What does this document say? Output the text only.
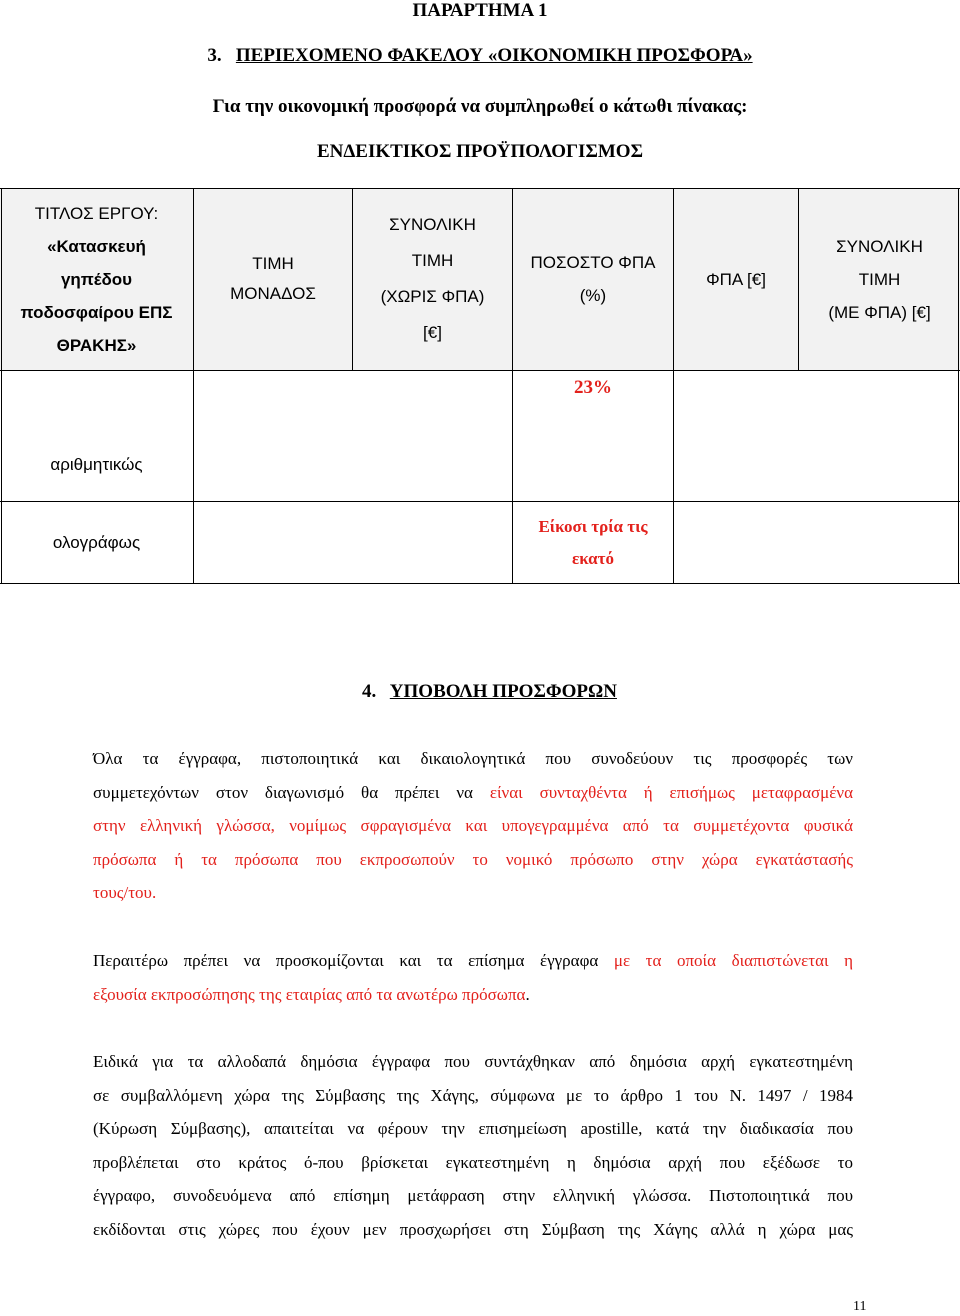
ΠΑΡΑΡΤΗΜΑ 1
3. ΠΕΡΙΕΧΟΜΕΝΟ ΦΑΚΕΛΟΥ «ΟΙΚΟΝΟΜΙΚΗ ΠΡΟΣΦΟΡΑ»
Για την οικονομική προσφορά να συμπληρωθεί ο κάτωθι πίνακας:
ΕΝΔΕΙΚΤΙΚΟΣ ΠΡΟΫΠΟΛΟΓΙΣΜΟΣ
ΤΙΤΛΟΣ ΕΡΓΟΥ:
«Κατασκευή
γηπέδου
ποδοσφαίρου ΕΠΣ
ΘΡΑΚΗΣ»
ΤΙΜΗ
ΜΟΝΑΔΟΣ
ΣΥΝΟΛΙΚΗ
ΤΙΜΗ
(ΧΩΡΙΣ ΦΠΑ)
[€]
ΠΟΣΟΣΤΟ ΦΠΑ
(%)
ΦΠΑ [€]
ΣΥΝΟΛΙΚΗ
ΤΙΜΗ
(ΜΕ ΦΠΑ) [€]
αριθμητικώς
23%
ολογράφως
Είκοσι τρία τις
εκατό
4. ΥΠΟΒΟΛΗ ΠΡΟΣΦΟΡΩΝ
Όλα τα έγγραφα, πιστοποιητικά και δικαιολογητικά που συνοδεύουν τις προσφορές των
συμμετεχόντων στον διαγωνισμό θα πρέπει να είναι συνταχθέντα ή επισήμως μεταφρασμένα
στην ελληνική γλώσσα, νομίμως σφραγισμένα και υπογεγραμμένα από τα συμμετέχοντα φυσικά
πρόσωπα ή τα πρόσωπα που εκπροσωπούν το νομικό πρόσωπο στην χώρα εγκατάστασής
τους/του.
Περαιτέρω πρέπει να προσκομίζονται και τα επίσημα έγγραφα με τα οποία διαπιστώνεται η
εξουσία εκπροσώπησης της εταιρίας από τα ανωτέρω πρόσωπα.
Ειδικά για τα αλλοδαπά δημόσια έγγραφα που συντάχθηκαν από δημόσια αρχή εγκατεστημένη
σε συμβαλλόμενη χώρα της Σύμβασης της Χάγης, σύμφωνα με το άρθρο 1 του Ν. 1497 / 1984
(Κύρωση Σύμβασης), απαιτείται να φέρουν την επισημείωση apostille, κατά την διαδικασία που
προβλέπεται στο κράτος ό-που βρίσκεται εγκατεστημένη η δημόσια αρχή που εξέδωσε το
έγγραφο, συνοδευόμενα από επίσημη μετάφραση στην ελληνική γλώσσα. Πιστοποιητικά που
εκδίδονται στις χώρες που έχουν μεν προσχωρήσει στη Σύμβαση της Χάγης αλλά η χώρα μας
11
